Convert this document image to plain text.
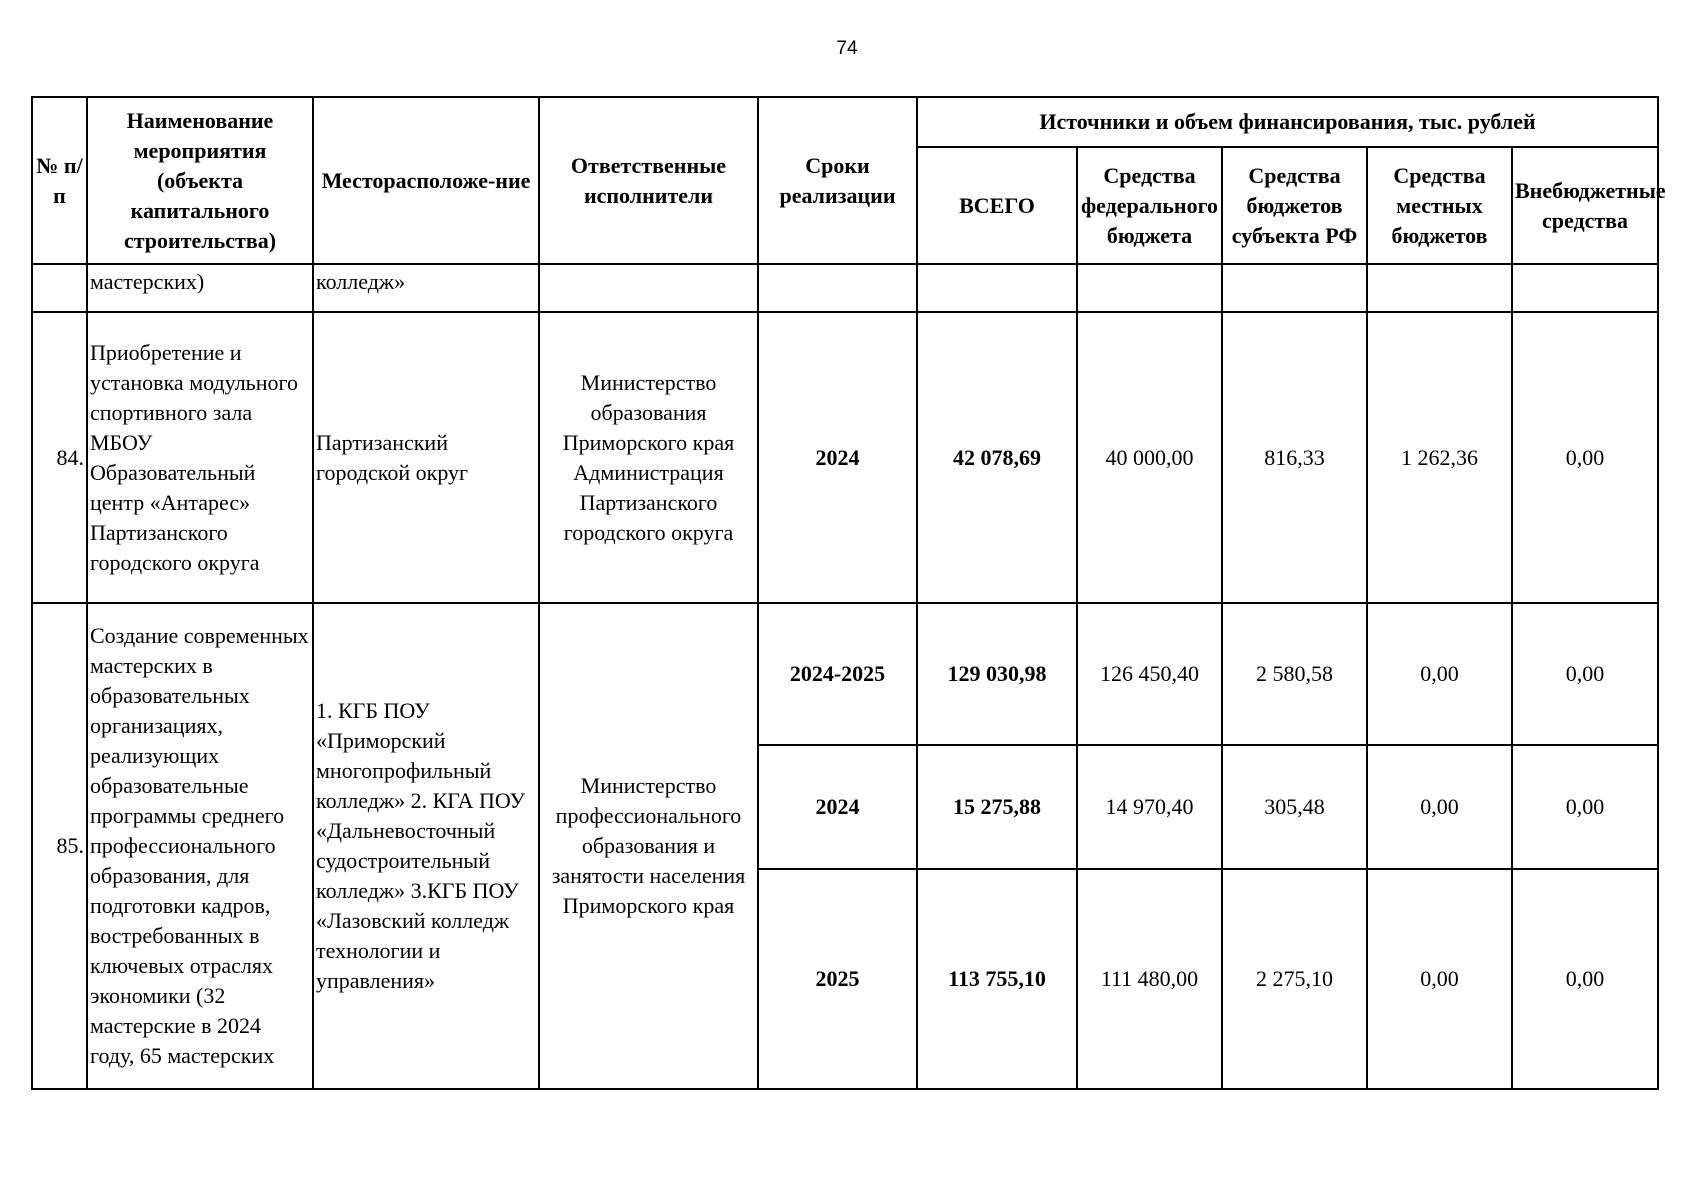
74
№ п/п	Наименование мероприятия (объекта капитального строительства)	Месторасположе-ние	Ответственные исполнители	Сроки реализации	Источники и объем финансирования, тыс. рублей				
					ВСЕГО	Средства федерального бюджета	Средства бюджетов субъекта РФ	Средства местных бюджетов	Внебюджетные средства
	мастерских)	колледж»							
84.	Приобретение и установка модульного спортивного зала МБОУ Образовательный центр «Антарес» Партизанского городского округа	Партизанский городской округ	Министерство образования Приморского края Администрация Партизанского городского округа	2024	42 078,69	40 000,00	816,33	1 262,36	0,00
85.	Создание современных мастерских в образовательных организациях, реализующих образовательные программы среднего профессионального образования, для подготовки кадров, востребованных в ключевых отраслях экономики (32 мастерские в 2024 году, 65 мастерских	1. КГБ ПОУ «Приморский многопрофильный колледж» 2. КГА ПОУ «Дальневосточный судостроительный колледж» 3.КГБ ПОУ «Лазовский колледж технологии и управления»	Министерство профессионального образования и занятости населения Приморского края	2024-2025	129 030,98	126 450,40	2 580,58	0,00	0,00
				2024	15 275,88	14 970,40	305,48	0,00	0,00
				2025	113 755,10	111 480,00	2 275,10	0,00	0,00
